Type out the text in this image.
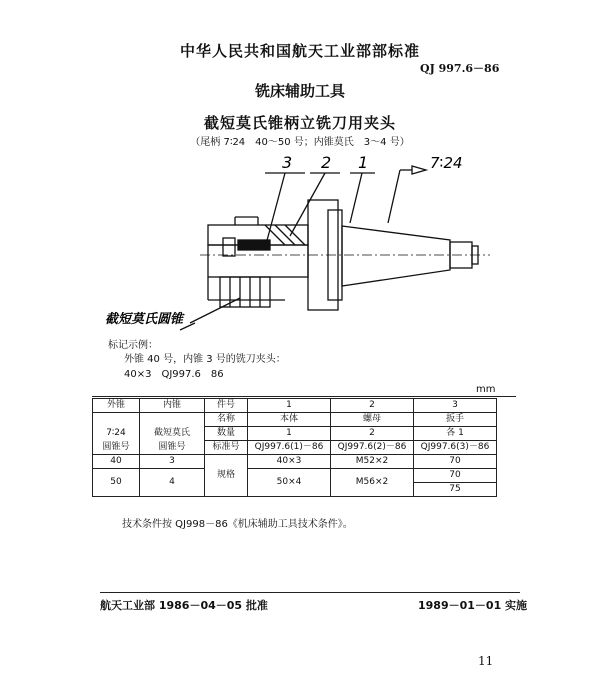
中华人民共和国航天工业部部标准
QJ 997.6－86
铣床辅助工具
截短莫氏锥柄立铣刀用夹头
（尾柄 7∶24　40～50 号；内锥莫氏　3～4 号）
3 2 1	7∶24
截短莫氏圆锥
标记示例：
外锥 40 号，内锥 3 号的铣刀夹头：
40×3　QJ997.6　86
mm
外锥	内锥	件号	1	2	3
		名称	本体	螺母	扳手
7∶24	截短莫氏	数量	1	2	各 1
圆锥号	圆锥号	标准号	QJ997.6(1)－86	QJ997.6(2)－86	QJ997.6(3)－86
40	3	规格	40×3	M52×2	70
50	4		50×4	M56×2	70
					75
技术条件按 QJ998－86《机床辅助工具技术条件》。
航天工业部 1986－04－05 批准	1989－01－01 实施
11
